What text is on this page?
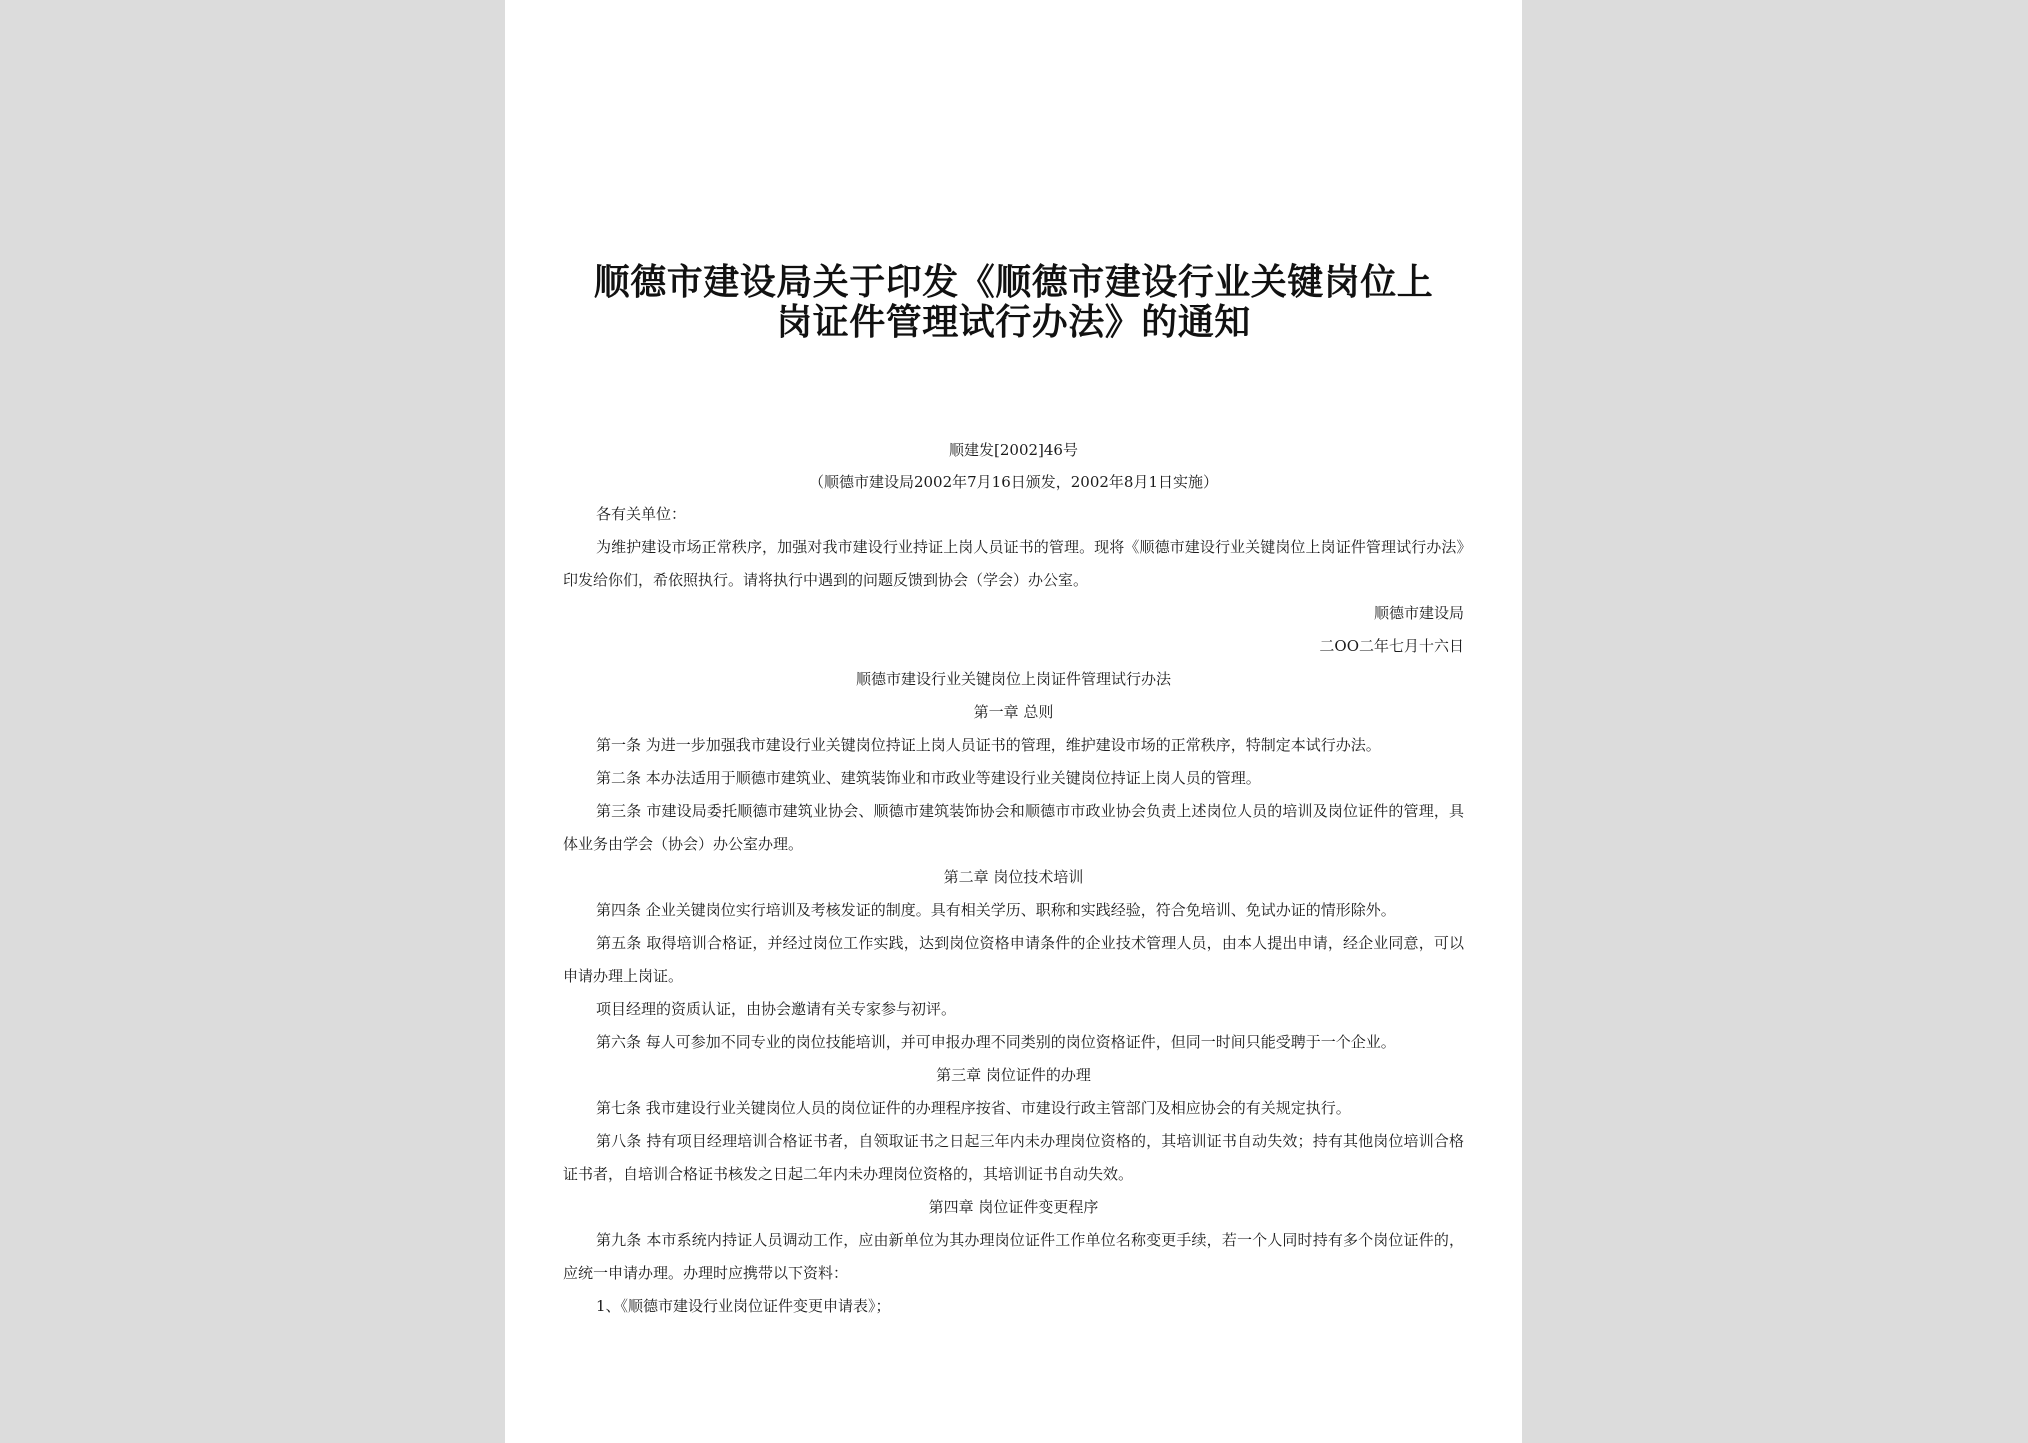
顺德市建设局关于印发《顺德市建设行业关键岗位上
岗证件管理试行办法》的通知
顺建发[2002]46号
（顺德市建设局2002年7月16日颁发，2002年8月1日实施）

各有关单位：

为维护建设市场正常秩序，加强对我市建设行业持证上岗人员证书的管理。现将《顺德市建设行业关键岗位上岗证件管理试行办法》印发给你们，希依照执行。请将执行中遇到的问题反馈到协会（学会）办公室。

顺德市建设局

二OO二年七月十六日

顺德市建设行业关键岗位上岗证件管理试行办法

第一章 总则

第一条 为进一步加强我市建设行业关键岗位持证上岗人员证书的管理，维护建设市场的正常秩序，特制定本试行办法。

第二条 本办法适用于顺德市建筑业、建筑装饰业和市政业等建设行业关键岗位持证上岗人员的管理。

第三条 市建设局委托顺德市建筑业协会、顺德市建筑装饰协会和顺德市市政业协会负责上述岗位人员的培训及岗位证件的管理，具体业务由学会（协会）办公室办理。

第二章 岗位技术培训

第四条 企业关键岗位实行培训及考核发证的制度。具有相关学历、职称和实践经验，符合免培训、免试办证的情形除外。

第五条 取得培训合格证，并经过岗位工作实践，达到岗位资格申请条件的企业技术管理人员，由本人提出申请，经企业同意，可以申请办理上岗证。

项目经理的资质认证，由协会邀请有关专家参与初评。

第六条 每人可参加不同专业的岗位技能培训，并可申报办理不同类别的岗位资格证件，但同一时间只能受聘于一个企业。

第三章 岗位证件的办理

第七条 我市建设行业关键岗位人员的岗位证件的办理程序按省、市建设行政主管部门及相应协会的有关规定执行。

第八条 持有项目经理培训合格证书者，自领取证书之日起三年内未办理岗位资格的，其培训证书自动失效；持有其他岗位培训合格证书者，自培训合格证书核发之日起二年内未办理岗位资格的，其培训证书自动失效。

第四章 岗位证件变更程序

第九条 本市系统内持证人员调动工作，应由新单位为其办理岗位证件工作单位名称变更手续，若一个人同时持有多个岗位证件的，应统一申请办理。办理时应携带以下资料：

1、《顺德市建设行业岗位证件变更申请表》；
